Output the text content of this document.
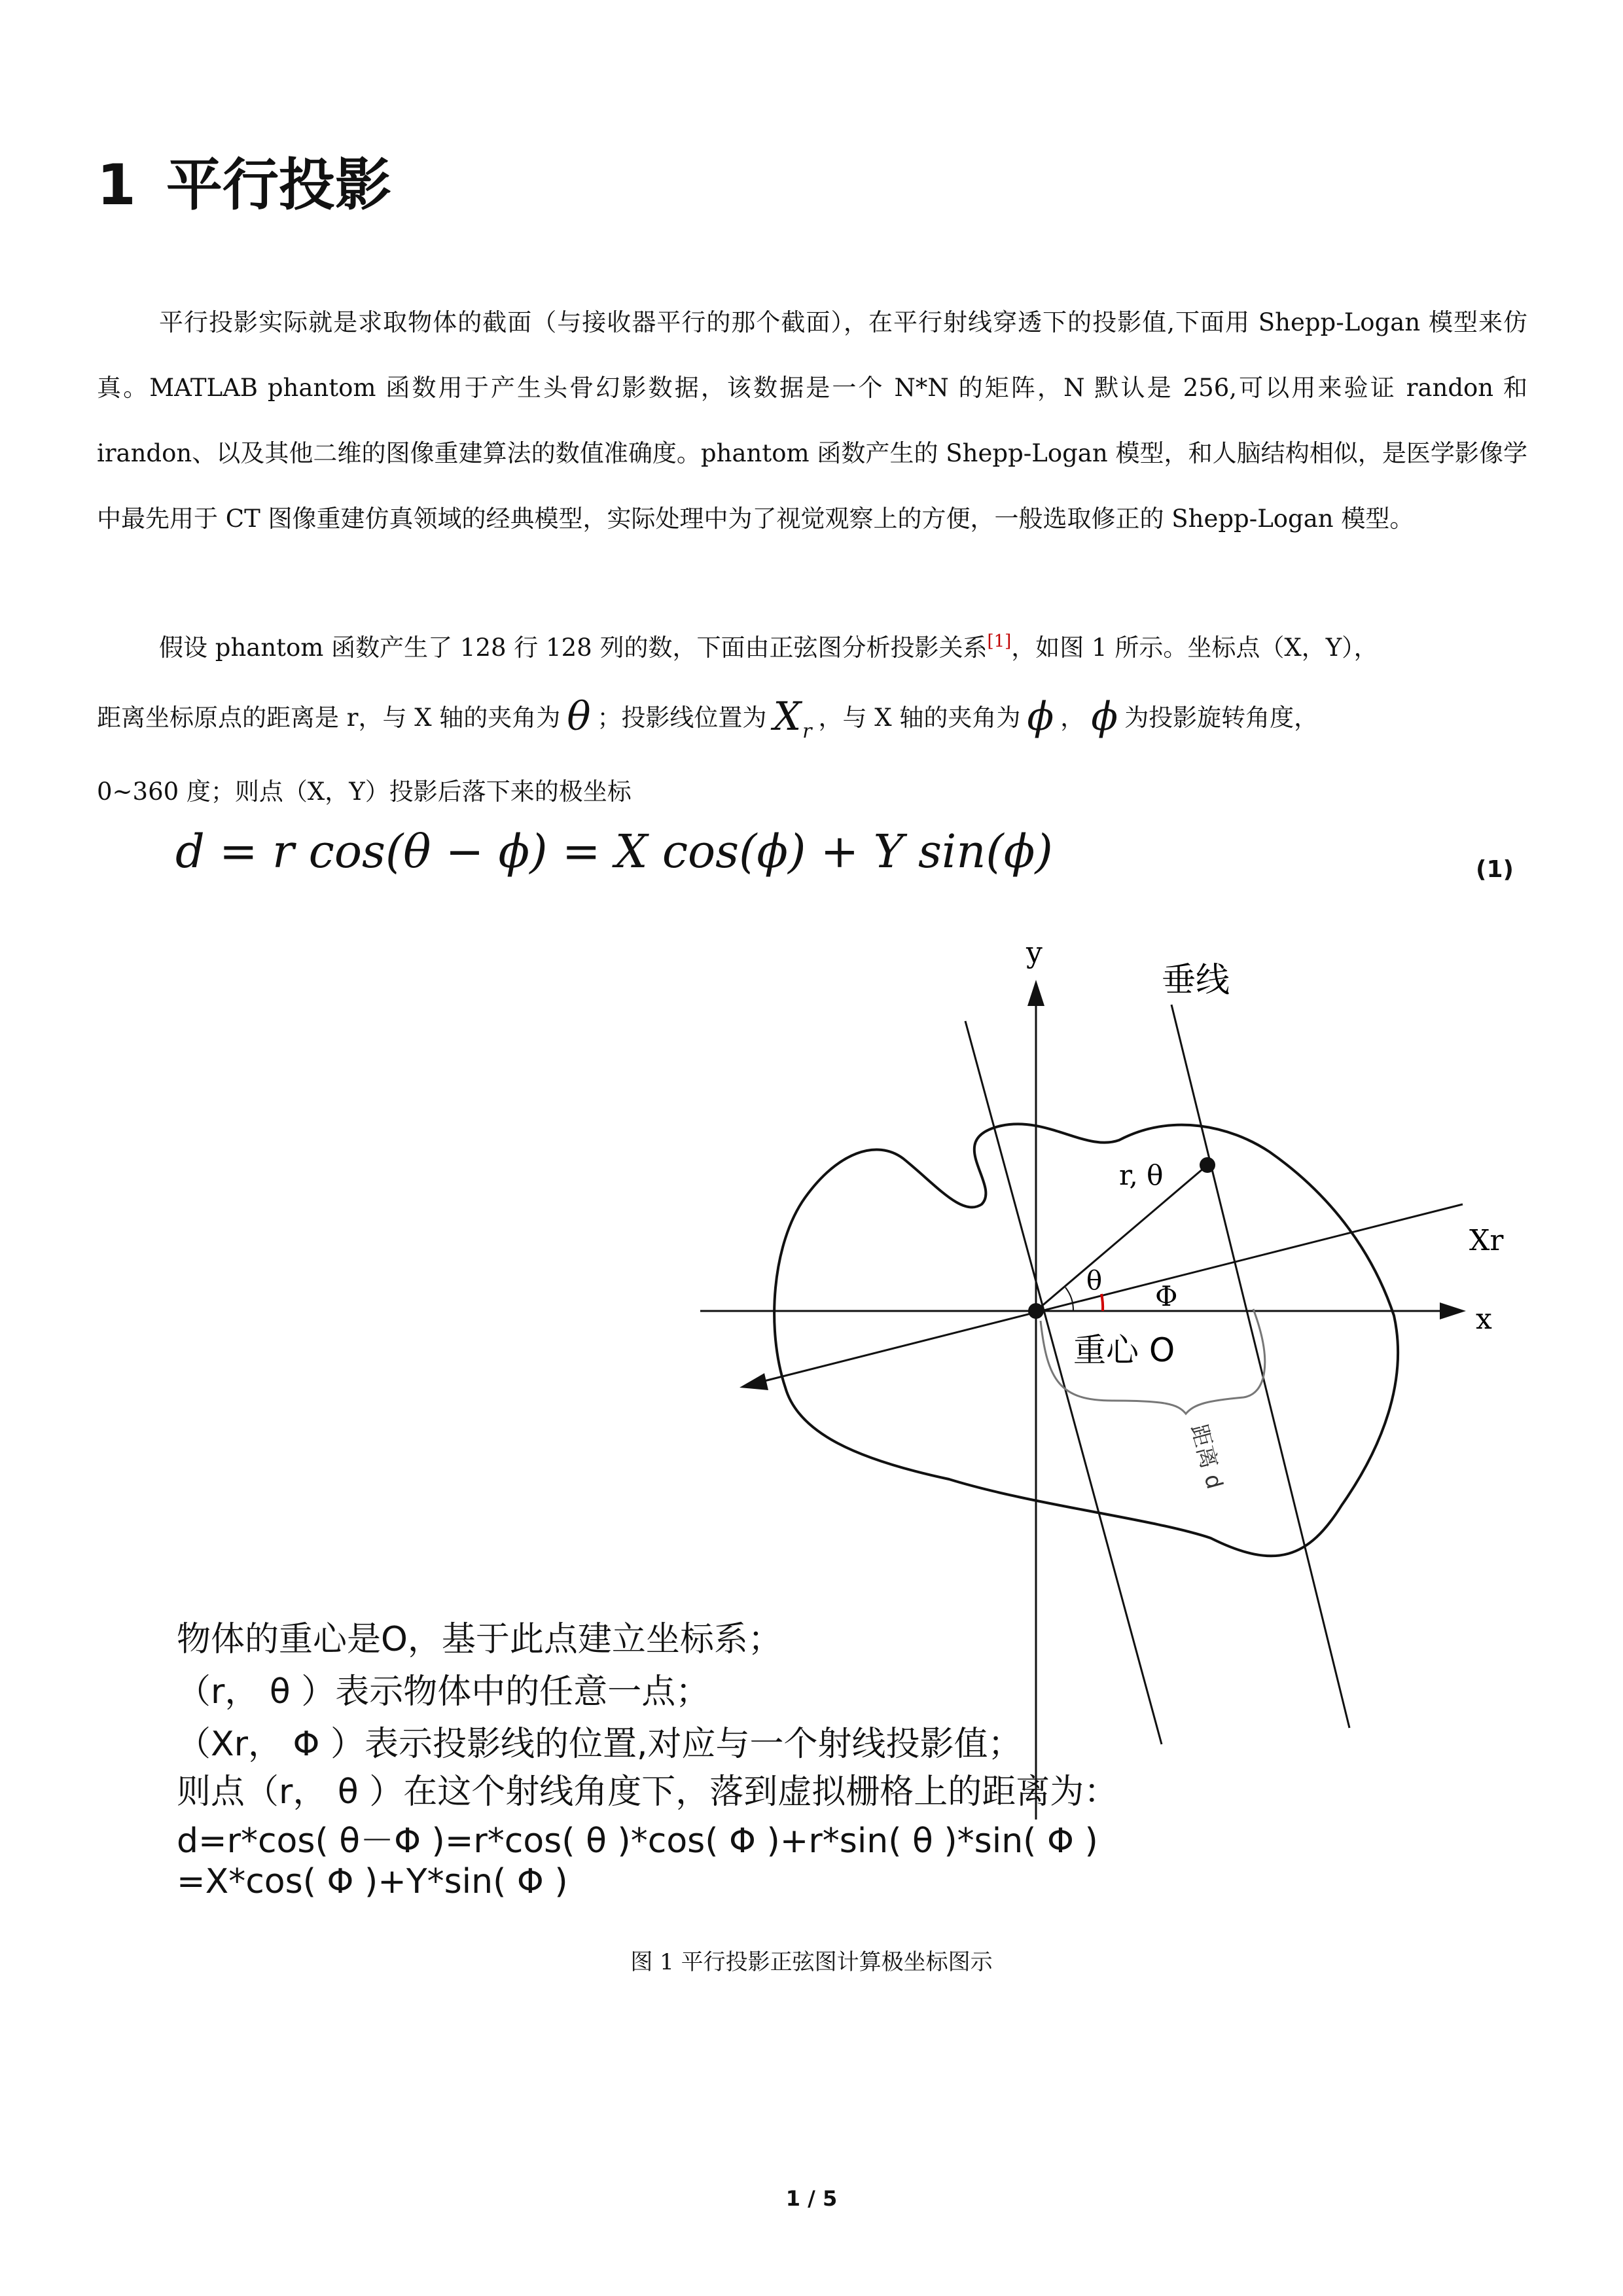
1 平行投影
平行投影实际就是求取物体的截面（与接收器平行的那个截面），在平行射线穿透下的投影值,下面用 Shepp-Logan 模型来仿真。MATLAB phantom 函数用于产生头骨幻影数据，该数据是一个 N*N 的矩阵，N 默认是 256,可以用来验证 randon 和 irandon、以及其他二维的图像重建算法的数值准确度。phantom 函数产生的 Shepp-Logan 模型，和人脑结构相似，是医学影像学中最先用于 CT 图像重建仿真领域的经典模型，实际处理中为了视觉观察上的方便，一般选取修正的 Shepp-Logan 模型。
假设 phantom 函数产生了 128 行 128 列的数，下面由正弦图分析投影关系[1]，如图 1 所示。坐标点（X，Y），
距离坐标原点的距离是 r，与 X 轴的夹角为 θ ；投影线位置为 $X_r$ ，与 X 轴的夹角为 ϕ ， ϕ 为投影旋转角度，
0~360 度；则点（X，Y）投影后落下来的极坐标
d = r cos(θ − ϕ) = X cos(ϕ) + Y sin(ϕ)	(1)
y
x
垂线
r, θ
Xr
θ Φ
重心 O
距离 d
物体的重心是O，基于此点建立坐标系；
（r， θ ）表示物体中的任意一点；
（Xr， Φ ）表示投影线的位置,对应与一个射线投影值；
则点（r， θ ）在这个射线角度下，落到虚拟栅格上的距离为：
d=r*cos( θ－Φ )=r*cos( θ )*cos( Φ )+r*sin( θ )*sin( Φ )
=X*cos( Φ )+Y*sin( Φ )
图 1 平行投影正弦图计算极坐标图示
1 / 5
